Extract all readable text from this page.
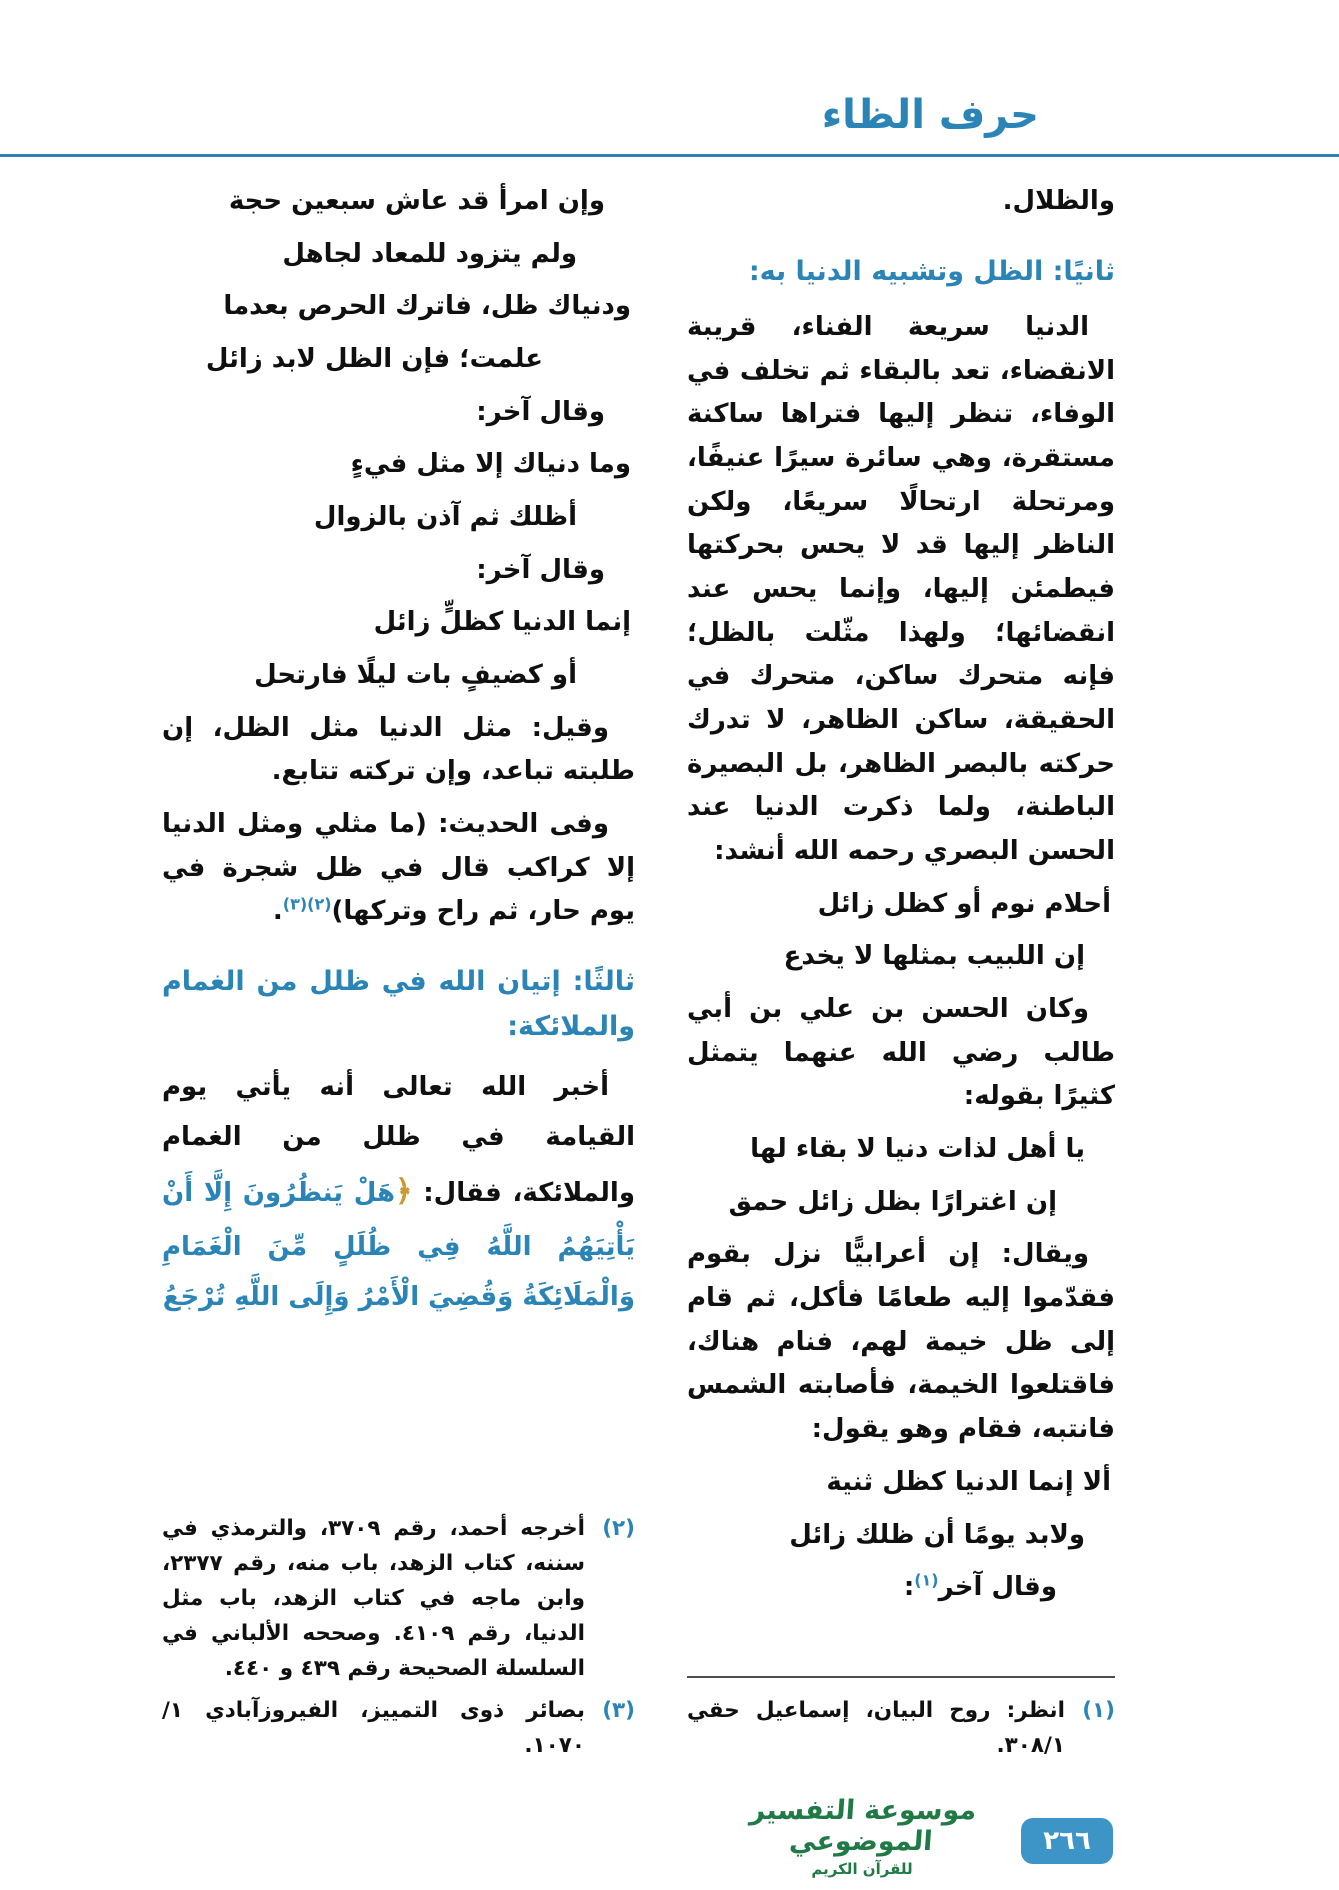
حرف الظاء

والظلال.

ثانيًا: الظل وتشبيه الدنيا به:

الدنيا سريعة الفناء، قريبة الانقضاء، تعد بالبقاء ثم تخلف في الوفاء، تنظر إليها فتراها ساكنة مستقرة، وهي سائرة سيرًا عنيفًا، ومرتحلة ارتحالًا سريعًا، ولكن الناظر إليها قد لا يحس بحركتها فيطمئن إليها، وإنما يحس عند انقضائها؛ ولهذا مثّلت بالظل؛ فإنه متحرك ساكن، متحرك في الحقيقة، ساكن الظاهر، لا تدرك حركته بالبصر الظاهر، بل البصيرة الباطنة، ولما ذكرت الدنيا عند الحسن البصري رحمه الله أنشد:

أحلام نوم أو كظل زائل

إن اللبيب بمثلها لا يخدع

وكان الحسن بن علي بن أبي طالب رضي الله عنهما يتمثل كثيرًا بقوله:

يا أهل لذات دنيا لا بقاء لها

إن اغترارًا بظل زائل حمق

ويقال: إن أعرابيًّا نزل بقوم فقدّموا إليه طعامًا فأكل، ثم قام إلى ظل خيمة لهم، فنام هناك، فاقتلعوا الخيمة، فأصابته الشمس فانتبه، فقام وهو يقول:

ألا إنما الدنيا كظل ثنية

ولابد يومًا أن ظلك زائل

وقال آخر$^{(١)}$:

(١)
انظر: روح البيان، إسماعيل حقي ٣٠٨/١.

وإن امرأ قد عاش سبعين حجة

ولم يتزود للمعاد لجاهل

ودنياك ظل، فاترك الحرص بعدما

علمت؛ فإن الظل لابد زائل

وقال آخر:

وما دنياك إلا مثل فيءٍ

أظلك ثم آذن بالزوال

وقال آخر:

إنما الدنيا كظلٍّ زائل

أو كضيفٍ بات ليلًا فارتحل

وقيل: مثل الدنيا مثل الظل، إن طلبته تباعد، وإن تركته تتابع.

وفى الحديث: (ما مثلي ومثل الدنيا إلا كراكب قال في ظل شجرة في يوم حار، ثم راح وتركها)$^{(٢)(٣)}$.

ثالثًا: إتيان الله في ظلل من الغمام والملائكة:

أخبر الله تعالى أنه يأتي يوم القيامة في ظلل من الغمام والملائكة، فقال: ﴿هَلْ يَنظُرُونَ إِلَّا أَنْ يَأْتِيَهُمُ اللَّهُ فِي ظُلَلٍ مِّنَ الْغَمَامِ وَالْمَلَائِكَةُ وَقُضِيَ الْأَمْرُ وَإِلَى اللَّهِ تُرْجَعُ

(٢)
أخرجه أحمد، رقم ٣٧٠٩، والترمذي في سننه، كتاب الزهد، باب منه، رقم ٢٣٧٧، وابن ماجه في كتاب الزهد، باب مثل الدنيا، رقم ٤١٠٩. وصححه الألباني في السلسلة الصحيحة رقم ٤٣٩ و ٤٤٠.
(٣)
بصائر ذوى التمييز، الفيروزآبادي ١/ ١٠٧٠.
موسوعة التفسير الموضوعي
للقرآن الكريم
٢٦٦
